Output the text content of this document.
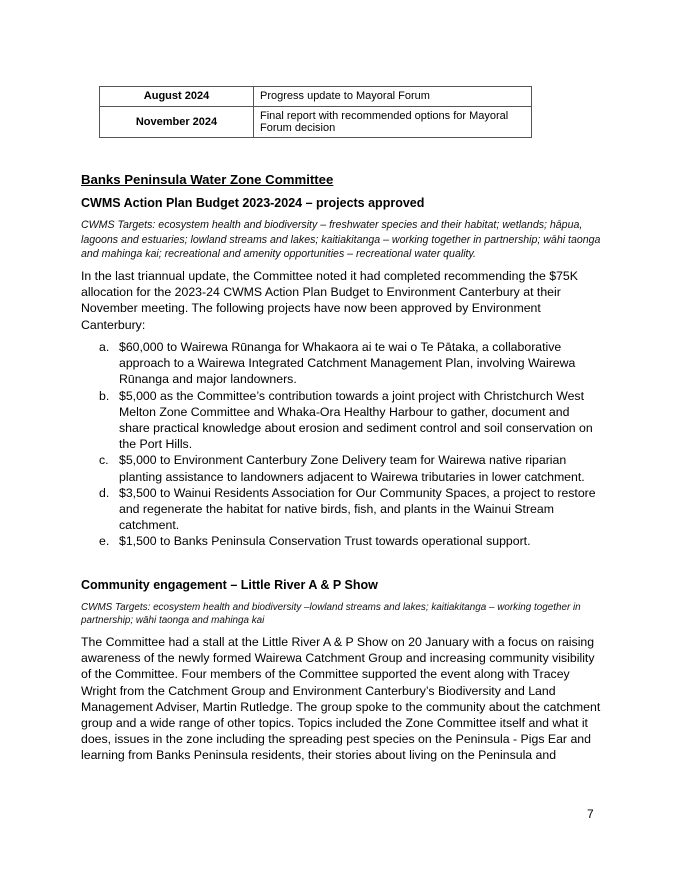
August 2024	Progress update to Mayoral Forum
November 2024	Final report with recommended options for Mayoral Forum decision
Banks Peninsula Water Zone Committee
CWMS Action Plan Budget 2023-2024 – projects approved
CWMS Targets: ecosystem health and biodiversity – freshwater species and their habitat; wetlands; hāpua, lagoons and estuaries; lowland streams and lakes; kaitiakitanga – working together in partnership; wāhi taonga and mahinga kai; recreational and amenity opportunities – recreational water quality.
In the last triannual update, the Committee noted it had completed recommending the $75K allocation for the 2023-24 CWMS Action Plan Budget to Environment Canterbury at their November meeting. The following projects have now been approved by Environment Canterbury:
a. $60,000 to Wairewa Rūnanga for Whakaora ai te wai o Te Pātaka, a collaborative approach to a Wairewa Integrated Catchment Management Plan, involving Wairewa Rūnanga and major landowners.
b. $5,000 as the Committee’s contribution towards a joint project with Christchurch West Melton Zone Committee and Whaka-Ora Healthy Harbour to gather, document and share practical knowledge about erosion and sediment control and soil conservation on the Port Hills.
c. $5,000 to Environment Canterbury Zone Delivery team for Wairewa native riparian planting assistance to landowners adjacent to Wairewa tributaries in lower catchment.
d. $3,500 to Wainui Residents Association for Our Community Spaces, a project to restore and regenerate the habitat for native birds, fish, and plants in the Wainui Stream catchment.
e. $1,500 to Banks Peninsula Conservation Trust towards operational support.
Community engagement – Little River A & P Show
CWMS Targets: ecosystem health and biodiversity –lowland streams and lakes; kaitiakitanga – working together in partnership; wāhi taonga and mahinga kai
The Committee had a stall at the Little River A & P Show on 20 January with a focus on raising awareness of the newly formed Wairewa Catchment Group and increasing community visibility of the Committee. Four members of the Committee supported the event along with Tracey Wright from the Catchment Group and Environment Canterbury’s Biodiversity and Land Management Adviser, Martin Rutledge. The group spoke to the community about the catchment group and a wide range of other topics. Topics included the Zone Committee itself and what it does, issues in the zone including the spreading pest species on the Peninsula - Pigs Ear and learning from Banks Peninsula residents, their stories about living on the Peninsula and
7
